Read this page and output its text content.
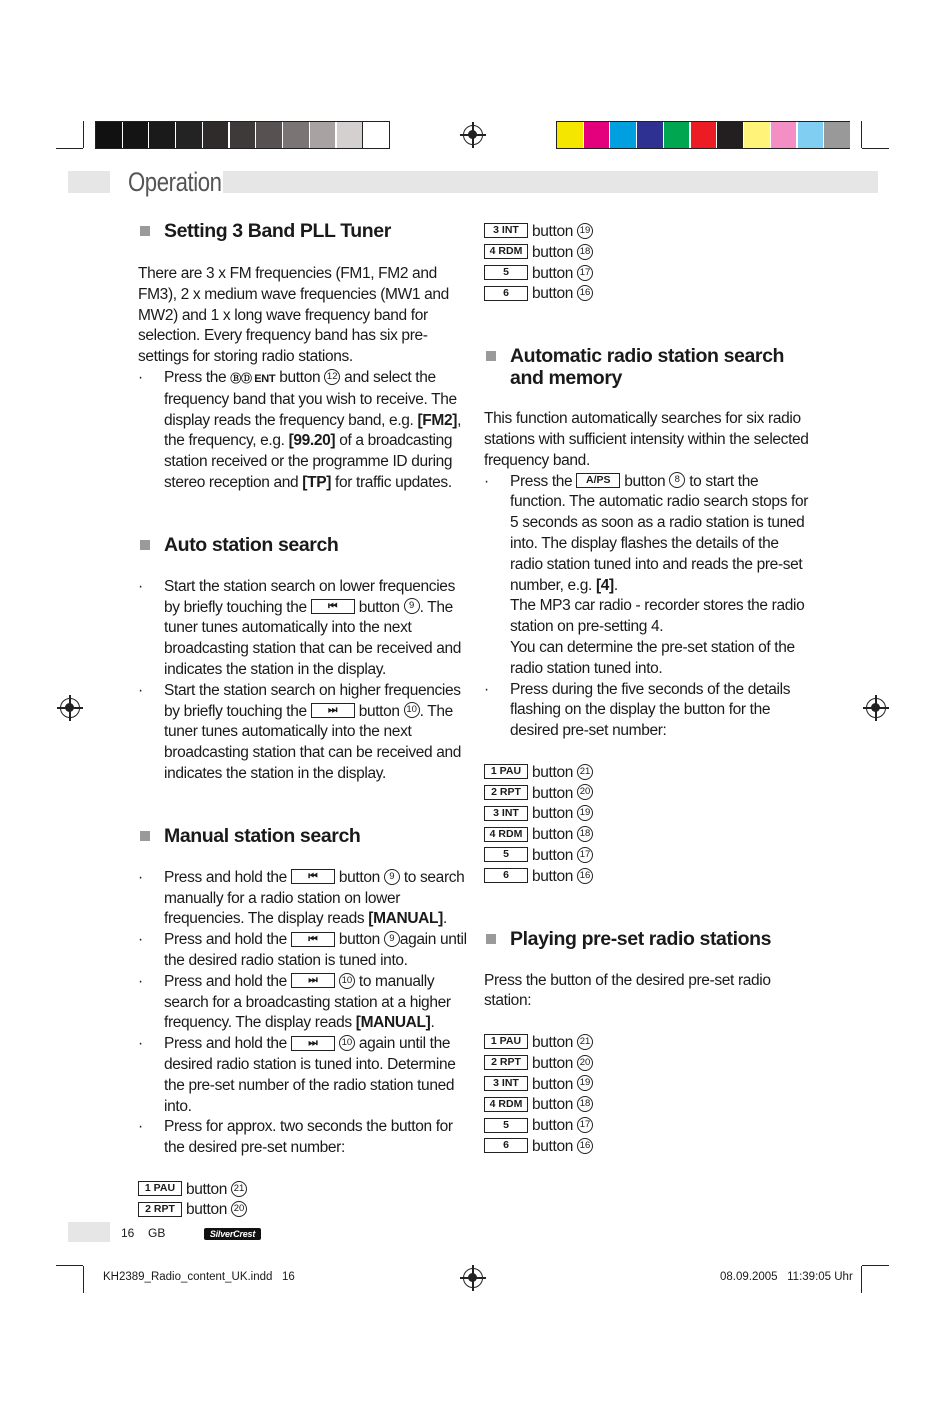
Operation
Setting 3 Band PLL Tuner

There are 3 x FM frequencies (FM1, FM2 and FM3), 2 x medium wave frequencies (MW1 and MW2) and 1 x long wave frequency band for selection. Every frequency band has six pre-settings for storing radio stations.

· Press the ⒷⒹ ENT button 12 and select the frequency band that you wish to receive. The display reads the frequency band, e.g. [FM2], the frequency, e.g. [99.20] of a broadcasting station received or the programme ID during stereo reception and [TP] for traffic updates.
Auto station search
· Start the station search on lower frequencies by briefly touching the ⏮ button 9 . The tuner tunes automatically into the next broadcasting station that can be received and indicates the station in the display.
· Start the station search on higher frequencies by briefly touching the ⏭ button 10 . The tuner tunes automatically into the next broadcasting station that can be received and indicates the station in the display.
Manual station search
· Press and hold the ⏮ button 9 to search manually for a radio station on lower frequencies. The display reads [MANUAL].
· Press and hold the ⏮ button 9 again until the desired radio station is tuned into.
· Press and hold the ⏭	10 to manually search for a broadcasting station at a higher frequency. The display reads [MANUAL].
· Press and hold the ⏭	10 again until the desired radio station is tuned into. Determine the pre-set number of the radio station tuned into.
· Press for approx. two seconds the button for the desired pre-set number:
1 PAU button 21
2 RPT button 20
3 INT button 19
4 RDM button 18
5 button 17
6 button 16
Automatic radio station search
and memory

This function automatically searches for six radio stations with sufficient intensity within the selected frequency band.

· Press the A/PS button 8 to start the function. The automatic radio search stops for 5 seconds as soon as a radio station is tuned into. The display flashes the details of the radio station tuned into and reads the pre-set number, e.g. [4].
The MP3 car radio - recorder stores the radio station on pre-setting 4.
You can determine the pre-set station of the radio station tuned into.
· Press during the five seconds of the details flashing on the display the button for the desired pre-set number:
1 PAU button 21
2 RPT button 20
3 INT button 19
4 RDM button 18
5 button 17
6 button 16
Playing pre-set radio stations

Press the button of the desired pre-set radio station:

1 PAU button 21
2 RPT button 20
3 INT button 19
4 RDM button 18
5 button 17
6 button 16
16 GB	SilverCrest
KH2389_Radio_content_UK.indd   16	08.09.2005   11:39:05 Uhr
